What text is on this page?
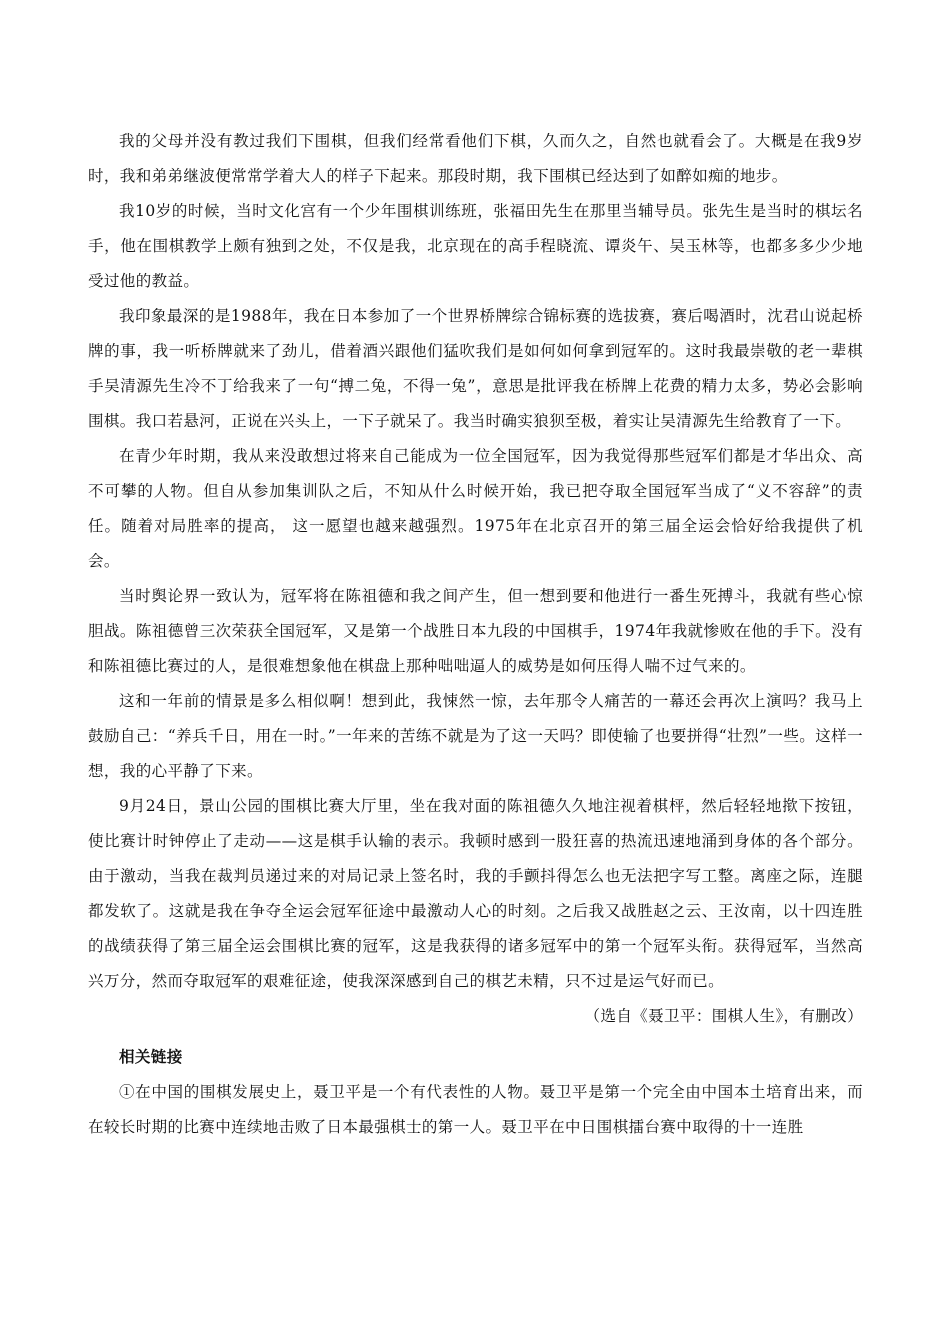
我的父母并没有教过我们下围棋，但我们经常看他们下棋，久而久之，自然也就看会了。大概是在我9岁时，我和弟弟继波便常常学着大人的样子下起来。那段时期，我下围棋已经达到了如醉如痴的地步。

我10岁的时候，当时文化宫有一个少年围棋训练班，张福田先生在那里当辅导员。张先生是当时的棋坛名手，他在围棋教学上颇有独到之处，不仅是我，北京现在的高手程晓流、谭炎午、吴玉林等，也都多多少少地受过他的教益。

我印象最深的是1988年，我在日本参加了一个世界桥牌综合锦标赛的选拔赛，赛后喝酒时，沈君山说起桥牌的事，我一听桥牌就来了劲儿，借着酒兴跟他们猛吹我们是如何如何拿到冠军的。这时我最崇敬的老一辈棋手吴清源先生冷不丁给我来了一句“搏二兔，不得一兔”，意思是批评我在桥牌上花费的精力太多，势必会影响围棋。我口若悬河，正说在兴头上，一下子就呆了。我当时确实狼狈至极，着实让吴清源先生给教育了一下。

在青少年时期，我从来没敢想过将来自己能成为一位全国冠军，因为我觉得那些冠军们都是才华出众、高不可攀的人物。但自从参加集训队之后，不知从什么时候开始，我已把夺取全国冠军当成了“义不容辞”的责任。随着对局胜率的提高， 这一愿望也越来越强烈。1975年在北京召开的第三届全运会恰好给我提供了机会。

当时舆论界一致认为，冠军将在陈祖德和我之间产生，但一想到要和他进行一番生死搏斗，我就有些心惊胆战。陈祖德曾三次荣获全国冠军，又是第一个战胜日本九段的中国棋手，1974年我就惨败在他的手下。没有和陈祖德比赛过的人，是很难想象他在棋盘上那种咄咄逼人的威势是如何压得人喘不过气来的。

这和一年前的情景是多么相似啊！想到此，我悚然一惊，去年那令人痛苦的一幕还会再次上演吗？我马上鼓励自己：“养兵千日，用在一时。”一年来的苦练不就是为了这一天吗？即使输了也要拼得“壮烈”一些。这样一想，我的心平静了下来。

9月24日，景山公园的围棋比赛大厅里，坐在我对面的陈祖德久久地注视着棋枰，然后轻轻地揿下按钮，使比赛计时钟停止了走动——这是棋手认输的表示。我顿时感到一股狂喜的热流迅速地涌到身体的各个部分。由于激动，当我在裁判员递过来的对局记录上签名时，我的手颤抖得怎么也无法把字写工整。离座之际，连腿都发软了。这就是我在争夺全运会冠军征途中最激动人心的时刻。之后我又战胜赵之云、王汝南，以十四连胜的战绩获得了第三届全运会围棋比赛的冠军，这是我获得的诸多冠军中的第一个冠军头衔。获得冠军，当然高兴万分，然而夺取冠军的艰难征途，使我深深感到自己的棋艺未精，只不过是运气好而已。

（选自《聂卫平：围棋人生》，有删改）

相关链接

①在中国的围棋发展史上，聂卫平是一个有代表性的人物。聂卫平是第一个完全由中国本土培育出来，而在较长时期的比赛中连续地击败了日本最强棋士的第一人。聂卫平在中日围棋擂台赛中取得的十一连胜
